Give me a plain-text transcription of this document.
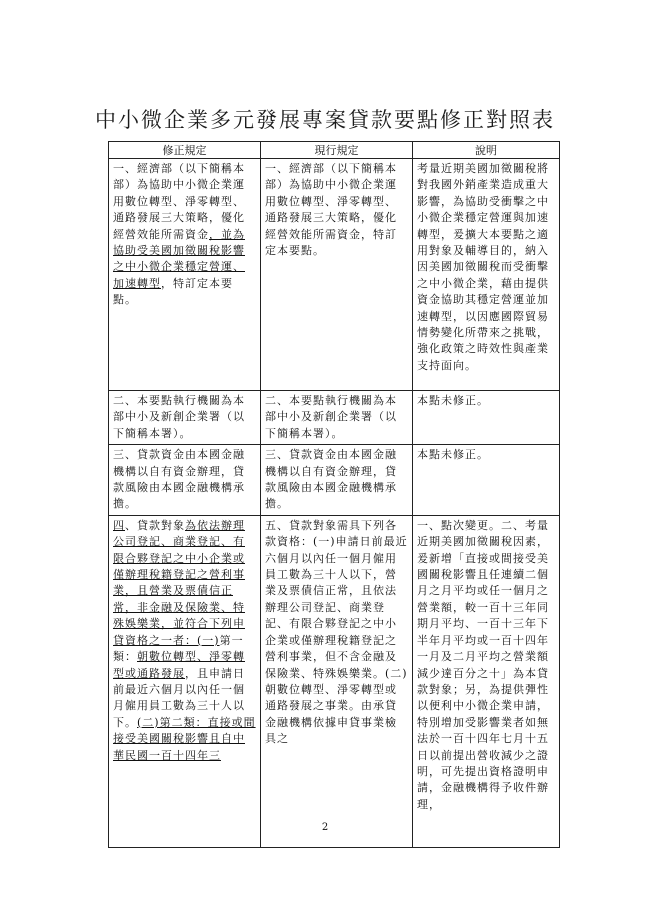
中小微企業多元發展專案貸款要點修正對照表
修正規定	現行規定	說明
一、經濟部（以下簡稱本部）為協助中小微企業運用數位轉型、淨零轉型、通路發展三大策略，優化經營效能所需資金，並為協助受美國加徵關稅影響之中小微企業穩定營運、加速轉型，特訂定本要點。	一、經濟部（以下簡稱本部）為協助中小微企業運用數位轉型、淨零轉型、通路發展三大策略，優化經營效能所需資金，特訂定本要點。	考量近期美國加徵關稅將對我國外銷產業造成重大影響，為協助受衝擊之中小微企業穩定營運與加速轉型，爰擴大本要點之適用對象及輔導目的，納入因美國加徵關稅而受衝擊之中小微企業，藉由提供資金協助其穩定營運並加速轉型，以因應國際貿易情勢變化所帶來之挑戰，強化政策之時效性與產業支持面向。
二、本要點執行機關為本部中小及新創企業署（以下簡稱本署）。	二、本要點執行機關為本部中小及新創企業署（以下簡稱本署）。	本點未修正。
三、貸款資金由本國金融機構以自有資金辦理，貸款風險由本國金融機構承擔。	三、貸款資金由本國金融機構以自有資金辦理，貸款風險由本國金融機構承擔。	本點未修正。
四、貸款對象為依法辦理公司登記、商業登記、有限合夥登記之中小企業或僅辦理稅籍登記之營利事業，且營業及票債信正常，非金融及保險業、特殊娛樂業，並符合下列申貸資格之一者：(一)第一類：朝數位轉型、淨零轉型或通路發展，且申請日前最近六個月以內任一個月僱用員工數為三十人以下。(二)第二類：直接或間接受美國關稅影響且自中華民國一百十四年三	五、貸款對象需具下列各款資格：(一)申請日前最近六個月以內任一個月僱用員工數為三十人以下，營業及票債信正常，且依法辦理公司登記、商業登記、有限合夥登記之中小企業或僅辦理稅籍登記之營利事業，但不含金融及保險業、特殊娛樂業。(二)朝數位轉型、淨零轉型或通路發展之事業。由承貸金融機構依據申貸事業檢具之	一、點次變更。二、考量近期美國加徵關稅因素，爰新增「直接或間接受美國關稅影響且任連續二個月之月平均或任一個月之營業額，較一百十三年同期月平均、一百十三年下半年月平均或一百十四年一月及二月平均之營業額減少達百分之十」為本貸款對象；另，為提供彈性以便利中小微企業申請，特別增加受影響業者如無法於一百十四年七月十五日以前提出營收減少之證明，可先提出資格證明申請，金融機構得予收件辦理，
2
